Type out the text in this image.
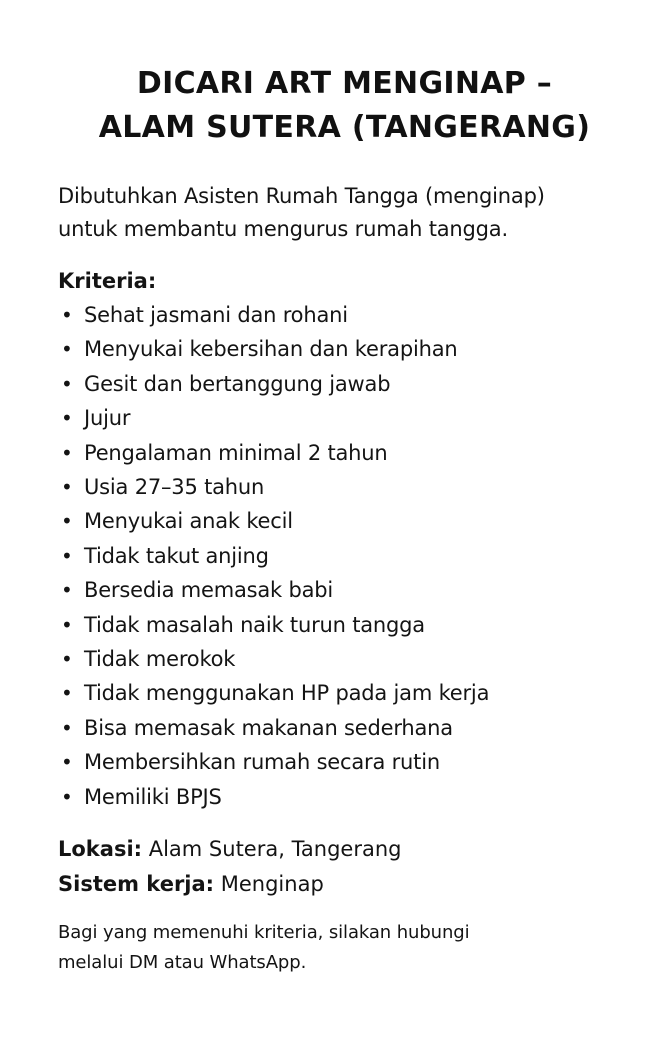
DICARI ART MENGINAP –
ALAM SUTERA (TANGERANG)

Dibutuhkan Asisten Rumah Tangga (menginap)
untuk membantu mengurus rumah tangga.

Kriteria:
• Sehat jasmani dan rohani
• Menyukai kebersihan dan kerapihan
• Gesit dan bertanggung jawab
• Jujur
• Pengalaman minimal 2 tahun
• Usia 27–35 tahun
• Menyukai anak kecil
• Tidak takut anjing
• Bersedia memasak babi
• Tidak masalah naik turun tangga
• Tidak merokok
• Tidak menggunakan HP pada jam kerja
• Bisa memasak makanan sederhana
• Membersihkan rumah secara rutin
• Memiliki BPJS
Lokasi: Alam Sutera, Tangerang
Sistem kerja: Menginap

Bagi yang memenuhi kriteria, silakan hubungi
melalui DM atau WhatsApp.
